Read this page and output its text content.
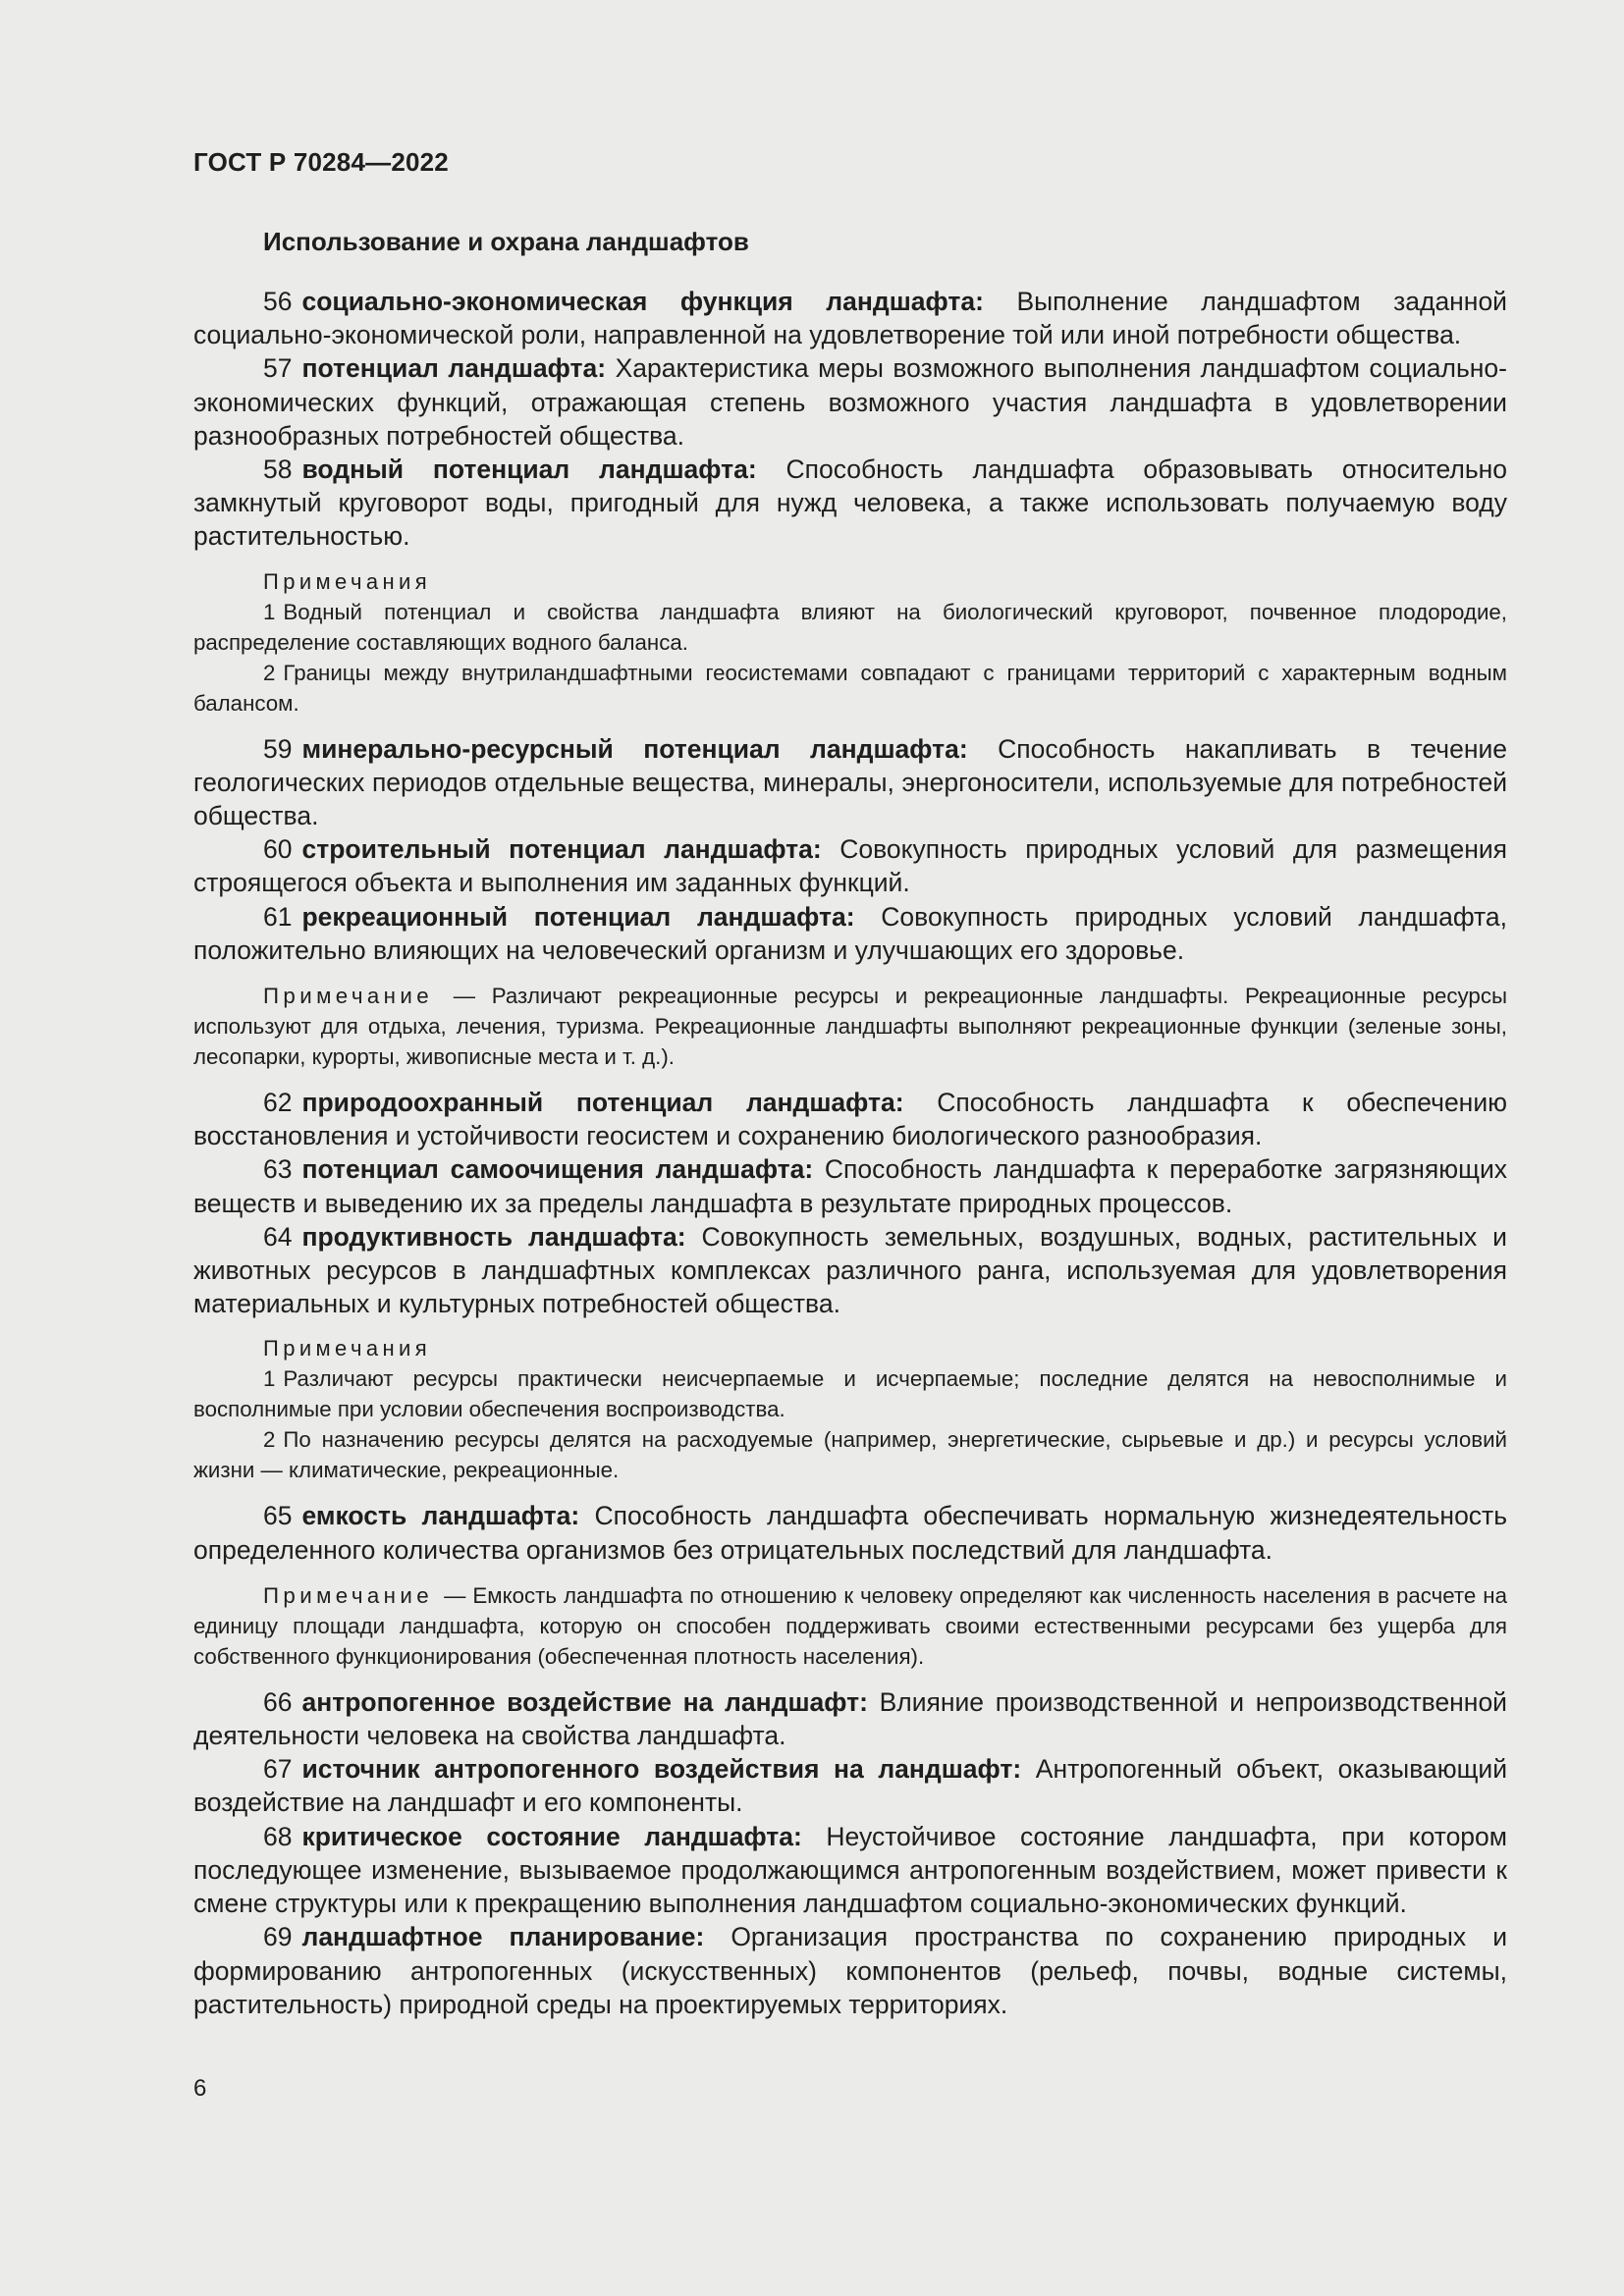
ГОСТ Р 70284—2022
Использование и охрана ландшафтов

56 социально-экономическая функция ландшафта: Выполнение ландшафтом заданной социально-экономической роли, направленной на удовлетворение той или иной потребности общества.

57 потенциал ландшафта: Характеристика меры возможного выполнения ландшафтом социально-экономических функций, отражающая степень возможного участия ландшафта в удовлетворении разнообразных потребностей общества.

58 водный потенциал ландшафта: Способность ландшафта образовывать относительно замкнутый круговорот воды, пригодный для нужд человека, а также использовать получаемую воду растительностью.

Примечания

1 Водный потенциал и свойства ландшафта влияют на биологический круговорот, почвенное плодородие, распределение составляющих водного баланса.

2 Границы между внутриландшафтными геосистемами совпадают с границами территорий с характерным водным балансом.

59 минерально-ресурсный потенциал ландшафта: Способность накапливать в течение геологических периодов отдельные вещества, минералы, энергоносители, используемые для потребностей общества.

60 строительный потенциал ландшафта: Совокупность природных условий для размещения строящегося объекта и выполнения им заданных функций.

61 рекреационный потенциал ландшафта: Совокупность природных условий ландшафта, положительно влияющих на человеческий организм и улучшающих его здоровье.

Примечание — Различают рекреационные ресурсы и рекреационные ландшафты. Рекреационные ресурсы используют для отдыха, лечения, туризма. Рекреационные ландшафты выполняют рекреационные функции (зеленые зоны, лесопарки, курорты, живописные места и т. д.).

62 природоохранный потенциал ландшафта: Способность ландшафта к обеспечению восстановления и устойчивости геосистем и сохранению биологического разнообразия.

63 потенциал самоочищения ландшафта: Способность ландшафта к переработке загрязняющих веществ и выведению их за пределы ландшафта в результате природных процессов.

64 продуктивность ландшафта: Совокупность земельных, воздушных, водных, растительных и животных ресурсов в ландшафтных комплексах различного ранга, используемая для удовлетворения материальных и культурных потребностей общества.

Примечания

1 Различают ресурсы практически неисчерпаемые и исчерпаемые; последние делятся на невосполнимые и восполнимые при условии обеспечения воспроизводства.

2 По назначению ресурсы делятся на расходуемые (например, энергетические, сырьевые и др.) и ресурсы условий жизни — климатические, рекреационные.

65 емкость ландшафта: Способность ландшафта обеспечивать нормальную жизнедеятельность определенного количества организмов без отрицательных последствий для ландшафта.

Примечание — Емкость ландшафта по отношению к человеку определяют как численность населения в расчете на единицу площади ландшафта, которую он способен поддерживать своими естественными ресурсами без ущерба для собственного функционирования (обеспеченная плотность населения).

66 антропогенное воздействие на ландшафт: Влияние производственной и непроизводственной деятельности человека на свойства ландшафта.

67 источник антропогенного воздействия на ландшафт: Антропогенный объект, оказывающий воздействие на ландшафт и его компоненты.

68 критическое состояние ландшафта: Неустойчивое состояние ландшафта, при котором последующее изменение, вызываемое продолжающимся антропогенным воздействием, может привести к смене структуры или к прекращению выполнения ландшафтом социально-экономических функций.

69 ландшафтное планирование: Организация пространства по сохранению природных и формированию антропогенных (искусственных) компонентов (рельеф, почвы, водные системы, растительность) природной среды на проектируемых территориях.

6
